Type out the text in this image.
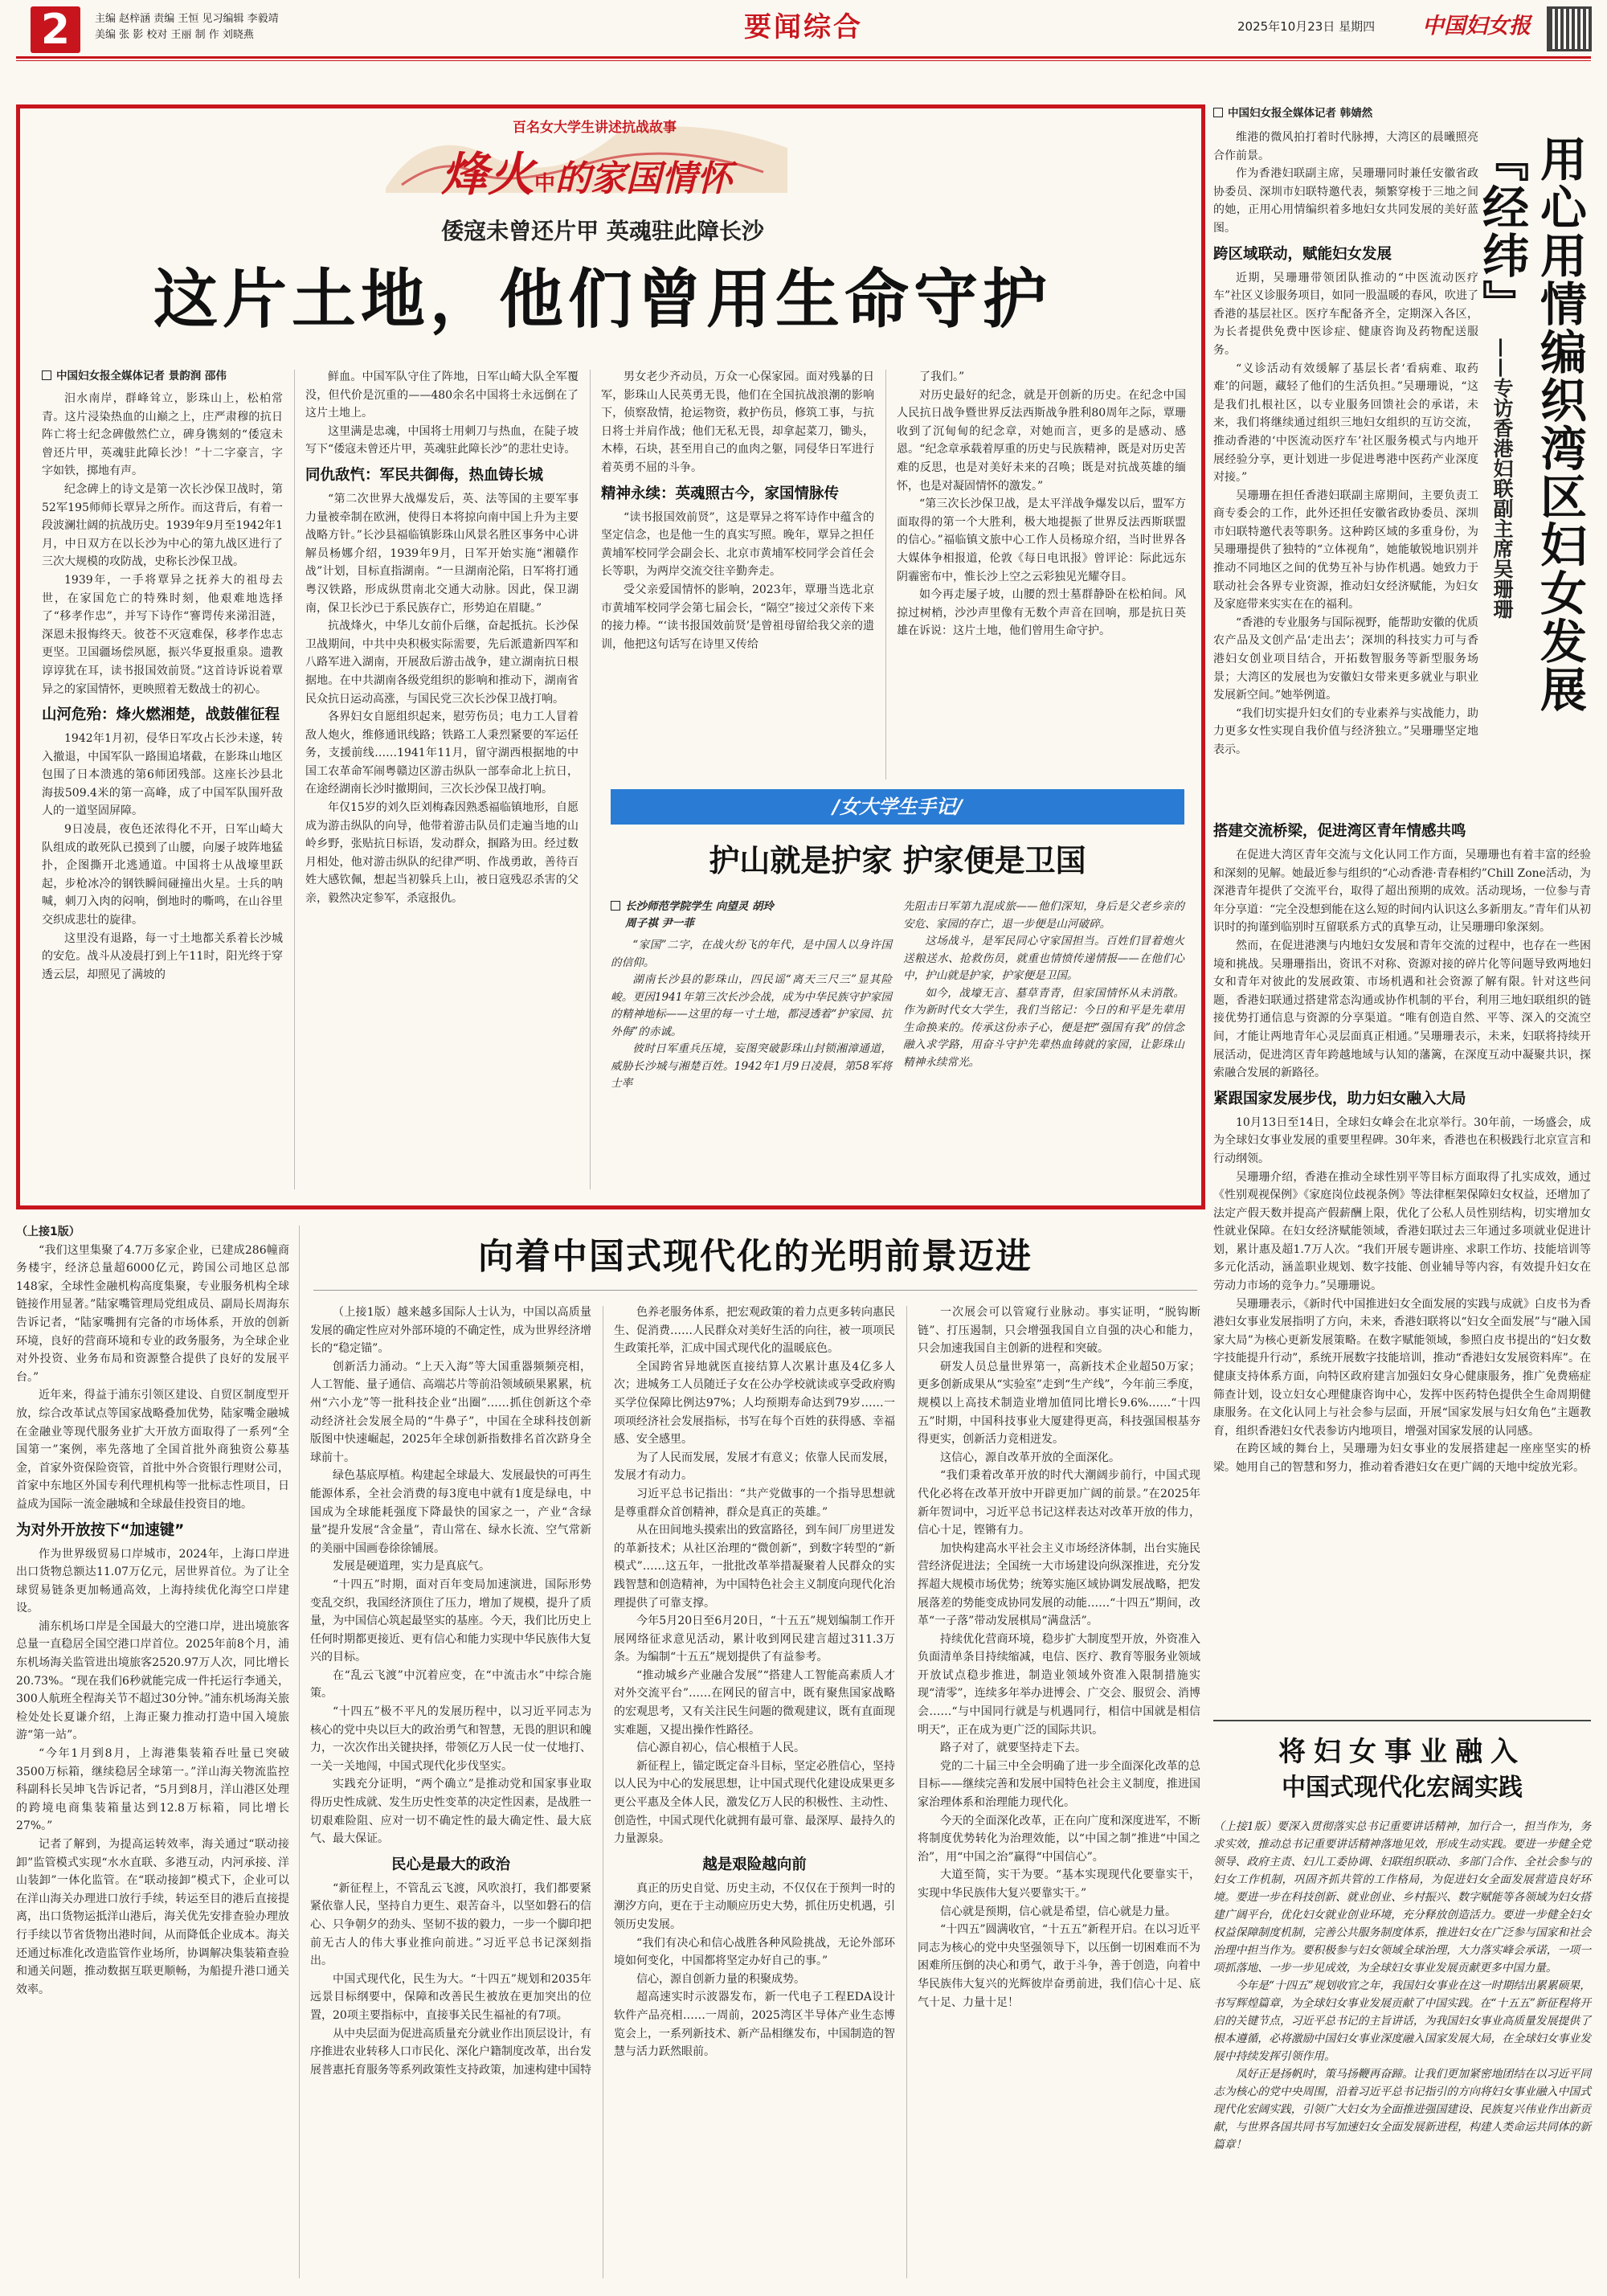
2	主编 赵梓涵 责编 王恒 见习编辑 李毅靖
美编 张 影 校对 王丽 制 作 刘晓燕	要闻综合	2025年10月23日 星期四	中国妇女报
百名女大学生讲述抗战故事
烽火中的家国情怀
倭寇未曾还片甲 英魂驻此障长沙
这片土地，他们曾用生命守护
中国妇女报全媒体记者 景韵润 邵伟

汨水南岸，群峰耸立，影珠山上，松柏常青。这片浸染热血的山巅之上，庄严肃穆的抗日阵亡将士纪念碑傲然伫立，碑身镌刻的“倭寇未曾还片甲，英魂驻此障长沙！”十二字豪言，字字如铁，掷地有声。

纪念碑上的诗文是第一次长沙保卫战时，第52军195师师长覃异之所作。而这背后，有着一段波澜壮阔的抗战历史。1939年9月至1942年1月，中日双方在以长沙为中心的第九战区进行了三次大规模的攻防战，史称长沙保卫战。

1939年，一手将覃异之抚养大的祖母去世，在家国危亡的特殊时刻，他艰难地选择了“移孝作忠”，并写下诗作“謇谔传来涕泪涟，深恩未报悔终天。彼苍不灭寇难保，移孝作忠志更坚。卫国疆场偿夙愿，振兴华夏报重泉。遗教谆谆犹在耳，读书报国效前贤。”这首诗诉说着覃异之的家国情怀，更映照着无数战士的初心。

山河危殆：烽火燃湘楚，战鼓催征程

1942年1月初，侵华日军攻占长沙未遂，转入撤退，中国军队一路围追堵截，在影珠山地区包围了日本溃逃的第6师团残部。这座长沙县北海拔509.4米的第一高峰，成了中国军队围歼敌人的一道坚固屏障。

9日凌晨，夜色还浓得化不开，日军山崎大队组成的敢死队已摸到了山腰，向屡子坡阵地猛扑，企图撕开北逃通道。中国将士从战壕里跃起，步枪冰冷的钢铁瞬间碰撞出火星。士兵的呐喊，刺刀入肉的闷响，倒地时的嘶鸣，在山谷里交织成悲壮的旋律。

这里没有退路，每一寸土地都关系着长沙城的安危。战斗从凌晨打到上午11时，阳光终于穿透云层，却照见了满坡的

鲜血。中国军队守住了阵地，日军山崎大队全军覆没，但代价是沉重的——480余名中国将士永远倒在了这片土地上。

这里满是忠魂，中国将士用刺刀与热血，在陡子坡写下“倭寇未曾还片甲，英魂驻此障长沙”的悲壮史诗。

同仇敌忾：军民共御侮，热血铸长城

“第二次世界大战爆发后，英、法等国的主要军事力量被牵制在欧洲，使得日本将掠向南中国上升为主要战略方针。”长沙县福临镇影珠山风景名胜区事务中心讲解员杨娜介绍，1939年9月，日军开始实施“湘赣作战”计划，目标直指湖南。“一旦湖南沦陷，日军将打通粤汉铁路，形成纵贯南北交通大动脉。因此，保卫湖南，保卫长沙已于系民族存亡，形势迫在眉睫。”

抗战烽火，中华儿女前仆后继，奋起抵抗。长沙保卫战期间，中共中央积极实际需要，先后派遣新四军和八路军进入湖南，开展敌后游击战争，建立湖南抗日根据地。在中共湖南各级党组织的影响和推动下，湖南省民众抗日运动高涨，与国民党三次长沙保卫战打响。

各界妇女自愿组织起来，慰劳伤员；电力工人冒着敌人炮火，维修通讯线路；铁路工人秉烈紧要的军运任务，支援前线……1941年11月，留守湖西根据地的中国工农革命军闹粤赣边区游击纵队一部奉命北上抗日，在途经湖南长沙时撤期间，三次长沙保卫战打响。

年仅15岁的刘久臣刘梅森因熟悉福临镇地形，自愿成为游击纵队的向导，他带着游击队员们走遍当地的山岭乡野，张贴抗日标语，发动群众，掴路为田。经过数月相处，他对游击纵队的纪律严明、作战勇敢，善待百姓大感钦佩，想起当初躲兵上山，被日寇残忍杀害的父亲，毅然决定参军，杀寇报仇。

男女老少齐动员，万众一心保家园。面对残暴的日军，影珠山人民英勇无畏，他们在全国抗战浪潮的影响下，侦察敌情，抢运物资，救护伤员，修筑工事，与抗日将士并肩作战；他们无私无畏，却拿起菜刀，锄头，木棒，石块，甚至用自己的血肉之躯，同侵华日军进行着英勇不屈的斗争。

精神永续：英魂照古今，家国情脉传

“读书报国效前贤”，这是覃异之将军诗作中蕴含的坚定信念，也是他一生的真实写照。晚年，覃异之担任黄埔军校同学会副会长、北京市黄埔军校同学会首任会长等职，为两岸交流交往辛勤奔走。

受父亲爱国情怀的影响，2023年，覃珊当选北京市黄埔军校同学会第七届会长，“隔空”接过父亲传下来的接力棒。“‘读书报国效前贤’是曾祖母留给我父亲的遗训，他把这句话写在诗里又传给

了我们。”

对历史最好的纪念，就是开创新的历史。在纪念中国人民抗日战争暨世界反法西斯战争胜利80周年之际，覃珊收到了沉甸甸的纪念章，对她而言，更多的是感动、感恩。“纪念章承载着厚重的历史与民族精神，既是对历史苦难的反思，也是对美好未来的召唤；既是对抗战英雄的缅怀，也是对凝固情怀的激发。”

“第三次长沙保卫战，是太平洋战争爆发以后，盟军方面取得的第一个大胜利，极大地提振了世界反法西斯联盟的信心。”福临镇文旅中心工作人员杨琼介绍，当时世界各大媒体争相报道，伦敦《每日电讯报》曾评论：际此远东阴霾密布中，惟长沙上空之云彩独见光耀夺目。

如今再走屡子坡，山腰的烈士墓群静卧在松柏间。风掠过树梢，沙沙声里像有无数个声音在回响，那是抗日英雄在诉说：这片土地，他们曾用生命守护。

/女大学生手记/
护山就是护家 护家便是卫国
长沙师范学院学生 向望灵 胡玲
周子祺 尹一菲

“家国”二字，在战火纷飞的年代，是中国人以身许国的信仰。

湖南长沙县的影珠山，四民谣“离天三尺三”显其险峻。更因1941年第三次长沙会战，成为中华民族守护家园的精神地标——这里的每一寸土地，都浸透着“护家园、抗外侮”的赤诚。

彼时日军重兵压境，妄图突破影珠山封锁湘漳通道，威胁长沙城与湘楚百姓。1942年1月9日凌晨，第58军将士率

先阻击日军第九混成旅——他们深知，身后是父老乡亲的安危、家园的存亡，退一步便是山河破碎。

这场战斗，是军民同心守家国担当。百姓们冒着炮火送粮送水、抢救伤员，就重也情愤传递情报——在他们心中，护山就是护家，护家便是卫国。

如今，战壕无言、墓草青青，但家国情怀从未消散。作为新时代女大学生，我们当铭记：今日的和平是先辈用生命换来的。传承这份赤子心，便是把“强国有我”的信念融入求学路，用奋斗守护先辈热血铸就的家园，让影珠山精神永续常光。

中国妇女报全媒体记者 韩婧然
用心用情编织湾区妇女发展『经纬』
——专访香港妇联副主席吴珊珊

维港的微风拍打着时代脉搏，大湾区的晨曦照亮合作前景。

作为香港妇联副主席，吴珊珊同时兼任安徽省政协委员、深圳市妇联特邀代表，频繁穿梭于三地之间的她，正用心用情编织着多地妇女共同发展的美好蓝图。

跨区域联动，赋能妇女发展

近期，吴珊珊带领团队推动的“中医流动医疗车”社区义诊服务项目，如同一股温暖的春风，吹进了香港的基层社区。医疗车配备齐全，定期深入各区，为长者提供免费中医诊症、健康咨询及药物配送服务。

“义诊活动有效缓解了基层长者‘看病难、取药难’的问题，藏轻了他们的生活负担。”吴珊珊说，“这是我们扎根社区，以专业服务回馈社会的承诺，未来，我们将继续通过组织三地妇女组织的互访交流，推动香港的‘中医流动医疗车’社区服务模式与内地开展经验分享，更计划进一步促进粤港中医药产业深度对接。”

吴珊珊在担任香港妇联副主席期间，主要负责工商专委会的工作，此外还担任安徽省政协委员、深圳市妇联特邀代表等职务。这种跨区域的多重身份，为吴珊珊提供了独特的“立体视角”，她能敏锐地识别并推动不同地区之间的优势互补与协作机遇。她致力于联动社会各界专业资源，推动妇女经济赋能，为妇女及家庭带来实实在在的福利。

“香港的专业服务与国际视野，能帮助安徽的优质农产品及文创产品‘走出去’；深圳的科技实力可与香港妇女创业项目结合，开拓数智服务等新型服务场景；大湾区的发展也为安徽妇女带来更多就业与职业发展新空间。”她举例道。

“我们切实提升妇女们的专业素养与实战能力，助力更多女性实现自我价值与经济独立。”吴珊珊坚定地表示。

搭建交流桥梁，促进湾区青年情感共鸣

在促进大湾区青年交流与文化认同工作方面，吴珊珊也有着丰富的经验和深刻的见解。她最近参与组织的“心动香港·青春相约”Chill Zone活动，为深港青年提供了交流平台，取得了超出预期的成效。活动现场，一位参与青年分享道：“完全没想到能在这么短的时间内认识这么多新朋友。”青年们从初识时的拘谨到临别时互留联系方式的真挚互动，让吴珊珊印象深刻。

然而，在促进港澳与内地妇女发展和青年交流的过程中，也存在一些困境和挑战。吴珊珊指出，资讯不对称、资源对接的碎片化等问题导致两地妇女和青年对彼此的发展政策、市场机遇和社会资源了解有限。针对这些问题，香港妇联通过搭建常态沟通或协作机制的平台，利用三地妇联组织的链接优势打通信息与资源的分享渠道。“唯有创造自然、平等、深入的交流空间，才能让两地青年心灵层面真正相通。”吴珊珊表示，未来，妇联将持续开展活动，促进湾区青年跨越地域与认知的藩篱，在深度互动中凝聚共识，探索融合发展的新路径。

紧跟国家发展步伐，助力妇女融入大局

10月13日至14日，全球妇女峰会在北京举行。30年前，一场盛会，成为全球妇女事业发展的重要里程碑。30年来，香港也在积极践行北京宣言和行动纲领。

吴珊珊介绍，香港在推动全球性别平等目标方面取得了扎实成效，通过《性别观视保例》《家庭岗位歧视条例》等法律框架保障妇女权益，还增加了法定产假天数并提高产假薪酬上限，优化了公私人员性别结构，切实增加女性就业保障。在妇女经济赋能领域，香港妇联过去三年通过多项就业促进计划，累计惠及超1.7万人次。“我们开展专题讲座、求职工作坊、技能培训等多元化活动，涵盖职业规划、数字技能、创业辅导等内容，有效提升妇女在劳动力市场的竞争力。”吴珊珊说。

吴珊珊表示，《新时代中国推进妇女全面发展的实践与成就》白皮书为香港妇女事业发展指明了方向，未来，香港妇联将以“妇女全面发展”与“融入国家大局”为核心更新发展策略。在数字赋能领域，参照白皮书提出的“妇女数字技能提升行动”，系统开展数字技能培训，推动“香港妇女发展资料库”。在健康支持体系方面，向特区政府建言加强妇女身心健康服务，推广免费癌症筛查计划，设立妇女心理健康咨询中心，发挥中医药特色提供全生命周期健康服务。在文化认同上与社会参与层面，开展“国家发展与妇女角色”主题教育，组织香港妇女代表参访内地项目，增强对国家发展的认同感。

在跨区域的舞台上，吴珊珊为妇女事业的发展搭建起一座座坚实的桥梁。她用自己的智慧和努力，推动着香港妇女在更广阔的天地中绽放光彩。

将妇女事业融入
中国式现代化宏阔实践

（上接1版）要深入贯彻落实总书记重要讲话精神，加行合一，担当作为，务求实效，推动总书记重要讲话精神落地见效，形成生动实践。要进一步健全党领导、政府主责、妇儿工委协调、妇联组织联动、多部门合作、全社会参与的妇女工作机制，巩固齐抓共管的工作格局，为促进妇女全面发展营造良好环境。要进一步在科技创新、就业创业、乡村振兴、数字赋能等各领域为妇女搭建广阔平台，优化妇女就业创业环境，充分释放创造活力。要进一步健全妇女权益保障制度机制，完善公共服务制度体系，推进妇女在广泛参与国家和社会治理中担当作为。要积极参与妇女领域全球治理，大力落实峰会承诺，一项一项抓落地、一步一步见成效，为全球妇女事业发展贡献更多中国力量。

今年是“十四五”规划收官之年，我国妇女事业在这一时期结出累累硕果，书写辉煌篇章，为全球妇女事业发展贡献了中国实践。在“十五五”新征程将开启的关键节点，习近平总书记的主旨讲话，为我国妇女事业高质量发展提供了根本遵循，必将激励中国妇女事业深度融入国家发展大局，在全球妇女事业发展中持续发挥引领作用。

凤好正是扬帆时，策马扬鞭再奋蹄。让我们更加紧密地团结在以习近平同志为核心的党中央周围，沿着习近平总书记指引的方向将妇女事业融入中国式现代化宏阔实践，引领广大妇女为全面推进强国建设、民族复兴伟业作出新贡献，与世界各国共同书写加速妇女全面发展新进程，构建人类命运共同体的新篇章！

向着中国式现代化的光明前景迈进
（上接1版）

“我们这里集聚了4.7万多家企业，已建成286幢商务楼宇，经济总量超6000亿元，跨国公司地区总部148家，全球性金融机构高度集聚，专业服务机构全球链接作用显著。”陆家嘴管理局党组成员、副局长周海东告诉记者，“陆家嘴拥有完备的市场体系，开放的创新环境，良好的营商环境和专业的政务服务，为全球企业对外投资、业务布局和资源整合提供了良好的发展平台。”

近年来，得益于浦东引领区建设、自贸区制度型开放，综合改革试点等国家战略叠加优势，陆家嘴金融城在金融业等现代服务业扩大开放方面取得了一系列“全国第一”案例，率先落地了全国首批外商独资公募基金，首家外资保险资管，首批中外合资银行理财公司，首家中东地区外国专利代理机构等一批标志性项目，日益成为国际一流金融城和全球最佳投资目的地。

为对外开放按下“加速键”

作为世界级贸易口岸城市，2024年，上海口岸进出口货物总额达11.07万亿元，居世界首位。为了让全球贸易链条更加畅通高效，上海持续优化海空口岸建设。

浦东机场口岸是全国最大的空港口岸，进出境旅客总量一直稳居全国空港口岸首位。2025年前8个月，浦东机场海关监管进出境旅客2520.97万人次，同比增长20.73%。“现在我们6秒就能完成一件托运行李通关，300人航班全程海关节不超过30分钟。”浦东机场海关旅检处处长夏谦介绍，上海正聚力推动打造中国入境旅游“第一站”。

“今年1月到8月，上海港集装箱吞吐量已突破3500万标箱，继续稳居全球第一。”洋山海关物流监控科副科长吴坤飞告诉记者，“5月到8月，洋山港区处理的跨境电商集装箱量达到12.8万标箱，同比增长27%。”

记者了解到，为提高运转效率，海关通过“联动接卸”监管模式实现“水水直联、多港互动，内河承接、洋山装卸”一体化监管。在“联动接卸”模式下，企业可以在洋山海关办理进口放行手续，转运至目的港后直接提离，出口货物运抵洋山港后，海关优先安排查验办理放行手续以节省货物出港时间，从而降低企业成本。海关还通过标准化改造监管作业场所，协调解决集装箱查验和通关问题，推动数据互联更顺畅，为船提升港口通关效率。

（上接1版）越来越多国际人士认为，中国以高质量发展的确定性应对外部环境的不确定性，成为世界经济增长的“稳定锚”。

创新活力涌动。“上天入海”等大国重器频频亮相，人工智能、量子通信、高端芯片等前沿领域硕果累累，杭州“六小龙”等一批科技企业“出圈”……抓住创新这个牵动经济社会发展全局的“牛鼻子”，中国在全球科技创新版图中快速崛起，2025年全球创新指数排名首次跻身全球前十。

绿色基底厚植。构建起全球最大、发展最快的可再生能源体系，全社会消费的每3度电中就有1度是绿电，中国成为全球能耗强度下降最快的国家之一，产业“含绿量”提升发展“含金量”，青山常在、绿水长流、空气常新的美丽中国画卷徐徐铺展。

发展是硬道理，实力是真底气。

“十四五”时期，面对百年变局加速演进，国际形势变乱交织，我国经济顶住了压力，增加了规模，提升了质量，为中国信心筑起最坚实的基座。今天，我们比历史上任何时期都更接近、更有信心和能力实现中华民族伟大复兴的目标。

在“乱云飞渡”中沉着应变，在“中流击水”中综合施策。

“十四五”极不平凡的发展历程中，以习近平同志为核心的党中央以巨大的政治勇气和智慧，无畏的胆识和魄力，一次次作出关键抉择，带领亿万人民一仗一仗地打、一关一关地闯，中国式现代化步伐坚实。

实践充分证明，“两个确立”是推动党和国家事业取得历史性成就、发生历史性变革的决定性因素，是战胜一切艰难险阻、应对一切不确定性的最大确定性、最大底气、最大保证。

民心是最大的政治

“新征程上，不管乱云飞渡，风吹浪打，我们都要紧紧依靠人民，坚持自力更生、艰苦奋斗，以坚如磐石的信心、只争朝夕的劲头、坚韧不拔的毅力，一步一个脚印把前无古人的伟大事业推向前进。”习近平总书记深刻指出。

中国式现代化，民生为大。“十四五”规划和2035年远景目标纲要中，保障和改善民生被放在更加突出的位置，20项主要指标中，直接事关民生福祉的有7项。

从中央层面为促进高质量充分就业作出顶层设计，有序推进农业转移人口市民化、深化户籍制度改革，出台发展普惠托育服务等系列政策性支持政策，加速构建中国特

色养老服务体系，把宏观政策的着力点更多转向惠民生、促消费……人民群众对美好生活的向往，被一项项民生政策托举，汇成中国式现代化的温暖底色。

全国跨省异地就医直接结算人次累计惠及4亿多人次；进城务工人员随迁子女在公办学校就读或享受政府购买学位保障比例达97%；人均预期寿命达到79岁……一项项经济社会发展指标，书写在每个百姓的获得感、幸福感、安全感里。

为了人民而发展，发展才有意义；依靠人民而发展，发展才有动力。

习近平总书记指出：“共产党做事的一个指导思想就是尊重群众首创精神，群众是真正的英雄。”

从在田间地头摸索出的致富路径，到车间厂房里迸发的革新技术；从社区治理的“微创新”，到数字转型的“新模式”……这五年，一批批改革举措凝聚着人民群众的实践智慧和创造精神，为中国特色社会主义制度向现代化治理提供了可靠支撑。

今年5月20日至6月20日，“十五五”规划编制工作开展网络征求意见活动，累计收到网民建言超过311.3万条。为编制“十五五”规划提供了有益参考。

“推动城乡产业融合发展”“搭建人工智能高素质人才对外交流平台”……在网民的留言中，既有聚焦国家战略的宏观思考，又有关注民生问题的微观建议，既有直面现实难题，又提出操作性路径。

信心源自初心，信心根植于人民。

新征程上，锚定既定奋斗目标，坚定必胜信心，坚持以人民为中心的发展思想，让中国式现代化建设成果更多更公平惠及全体人民，激发亿万人民的积极性、主动性、创造性，中国式现代化就拥有最可靠、最深厚、最持久的力量源泉。

越是艰险越向前

真正的历史自觉、历史主动，不仅仅在于预判一时的潮汐方向，更在于主动顺应历史大势，抓住历史机遇，引领历史发展。

“我们有决心和信心战胜各种风险挑战，无论外部环境如何变化，中国都将坚定办好自己的事。”

信心，源自创新力量的积聚成势。

超高速实时示波器发布，新一代电子工程EDA设计软件产品亮相……一周前，2025湾区半导体产业生态博览会上，一系列新技术、新产品相继发布，中国制造的智慧与活力跃然眼前。

一次展会可以管窥行业脉动。事实证明，“脱钩断链”、打压遏制，只会增强我国自立自强的决心和能力，只会加速我国自主创新的进程和突破。

研发人员总量世界第一，高新技术企业超50万家；更多创新成果从“实验室”走到“生产线”，今年前三季度，规模以上高技术制造业增加值同比增长9.6%……“十四五”时期，中国科技事业大厦建得更高，科技强国根基夯得更实，创新活力竞相迸发。

这信心，源自改革开放的全面深化。

“我们秉着改革开放的时代大潮阔步前行，中国式现代化必将在改革开放中开辟更加广阔的前景。”在2025年新年贺词中，习近平总书记这样表达对改革开放的伟力，信心十足，铿锵有力。

加快构建高水平社会主义市场经济体制，出台实施民营经济促进法；全国统一大市场建设向纵深推进，充分发挥超大规模市场优势；统筹实施区域协调发展战略，把发展落差的势能变成协同发展的动能……“十四五”期间，改革“一子落”带动发展棋局“满盘活”。

持续优化营商环境，稳步扩大制度型开放，外资准入负面清单条目持续缩减，电信、医疗、教育等服务业领域开放试点稳步推进，制造业领域外资准入限制措施实现“清零”，连续多年举办进博会、广交会、服贸会、消博会……“与中国同行就是与机遇同行，相信中国就是相信明天”，正在成为更广泛的国际共识。

路子对了，就要坚持走下去。

党的二十届三中全会明确了进一步全面深化改革的总目标——继续完善和发展中国特色社会主义制度，推进国家治理体系和治理能力现代化。

今天的全面深化改革，正在向广度和深度进军，不断将制度优势转化为治理效能，以“中国之制”推进“中国之治”，用“中国之治”赢得“中国信心”。

大道至简，实干为要。“基本实现现代化要靠实干，实现中华民族伟大复兴要靠实干。”

信心就是预期，信心就是希望，信心就是力量。

“十四五”圆满收官，“十五五”新程开启。在以习近平同志为核心的党中央坚强领导下，以压倒一切困难而不为困难所压倒的决心和勇气，敢于斗争，善于创造，向着中华民族伟大复兴的光辉彼岸奋勇前进，我们信心十足、底气十足、力量十足！
